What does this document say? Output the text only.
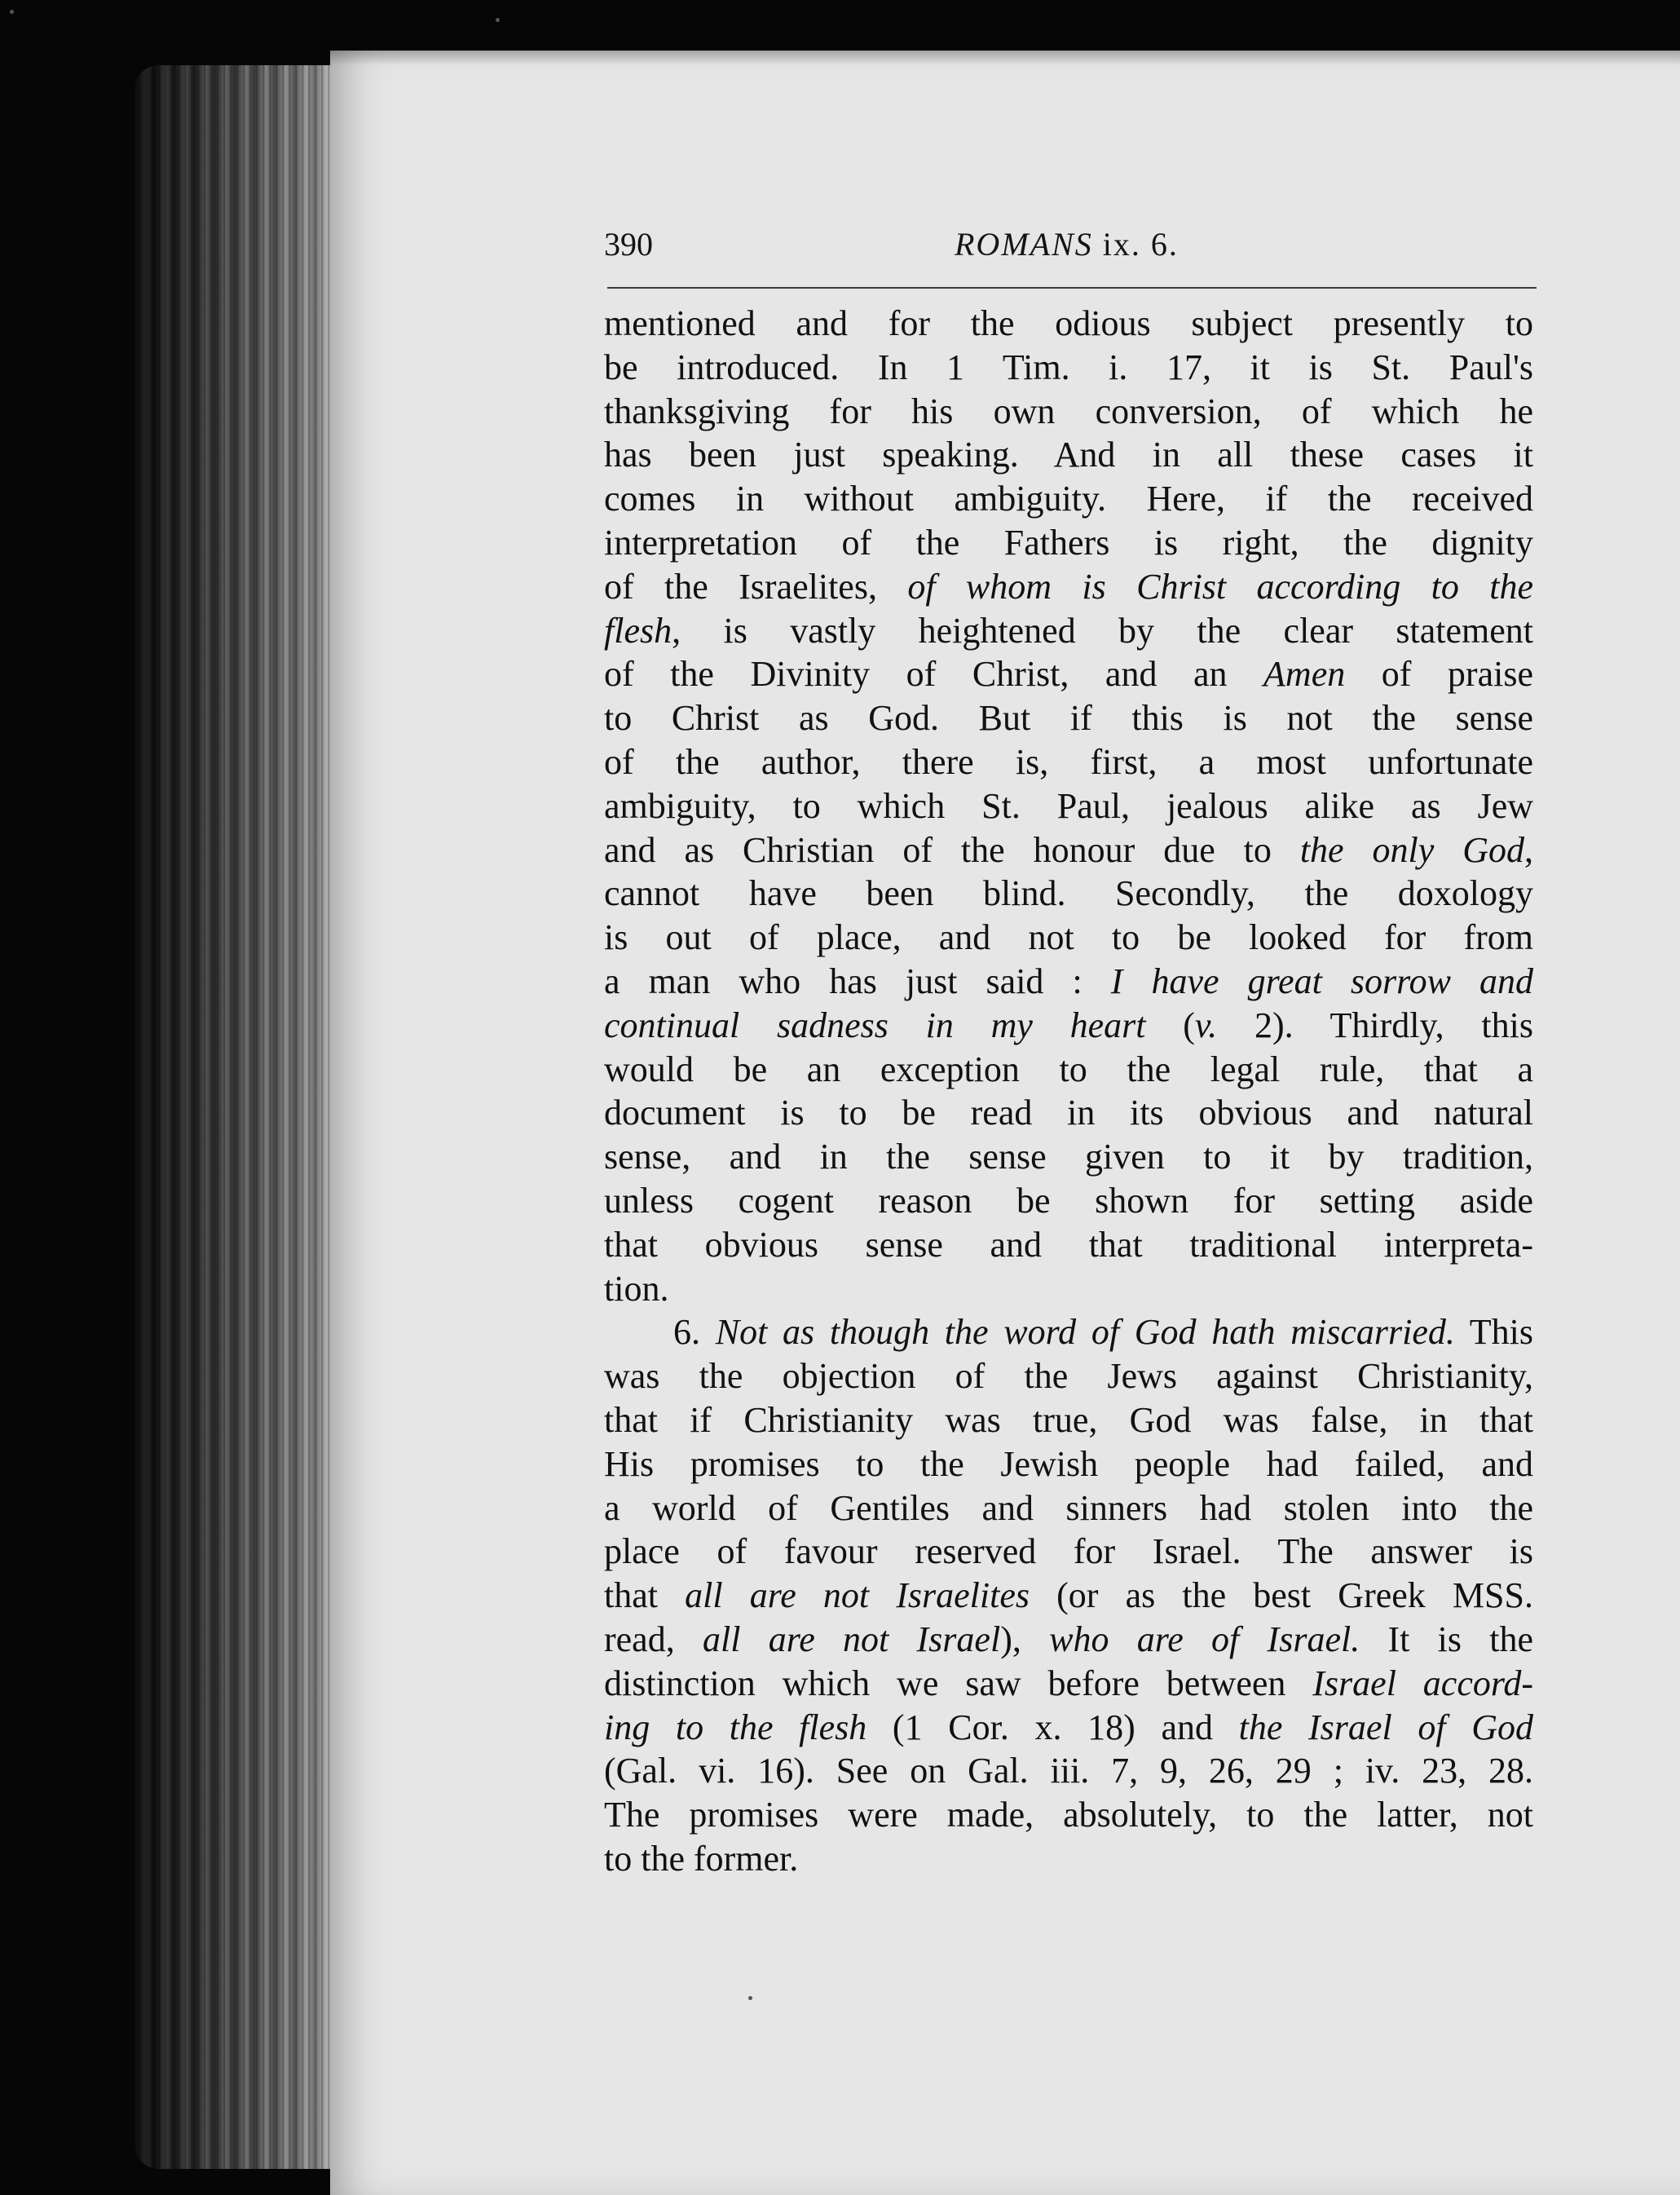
390	ROMANS ix. 6.
mentioned and for the odious subject presently to
be introduced. In 1 Tim. i. 17, it is St. Paul's
thanksgiving for his own conversion, of which he
has been just speaking. And in all these cases it
comes in without ambiguity. Here, if the received
interpretation of the Fathers is right, the dignity
of the Israelites, of whom is Christ according to the
flesh, is vastly heightened by the clear statement
of the Divinity of Christ, and an Amen of praise
to Christ as God. But if this is not the sense
of the author, there is, first, a most unfortunate
ambiguity, to which St. Paul, jealous alike as Jew
and as Christian of the honour due to the only God,
cannot have been blind. Secondly, the doxology
is out of place, and not to be looked for from
a man who has just said : I have great sorrow and
continual sadness in my heart (v. 2). Thirdly, this
would be an exception to the legal rule, that a
document is to be read in its obvious and natural
sense, and in the sense given to it by tradition,
unless cogent reason be shown for setting aside
that obvious sense and that traditional interpreta-
tion.
6. Not as though the word of God hath miscarried. This
was the objection of the Jews against Christianity,
that if Christianity was true, God was false, in that
His promises to the Jewish people had failed, and
a world of Gentiles and sinners had stolen into the
place of favour reserved for Israel. The answer is
that all are not Israelites (or as the best Greek MSS.
read, all are not Israel), who are of Israel. It is the
distinction which we saw before between Israel accord-
ing to the flesh (1 Cor. x. 18) and the Israel of God
(Gal. vi. 16). See on Gal. iii. 7, 9, 26, 29 ; iv. 23, 28.
The promises were made, absolutely, to the latter, not
to the former.
